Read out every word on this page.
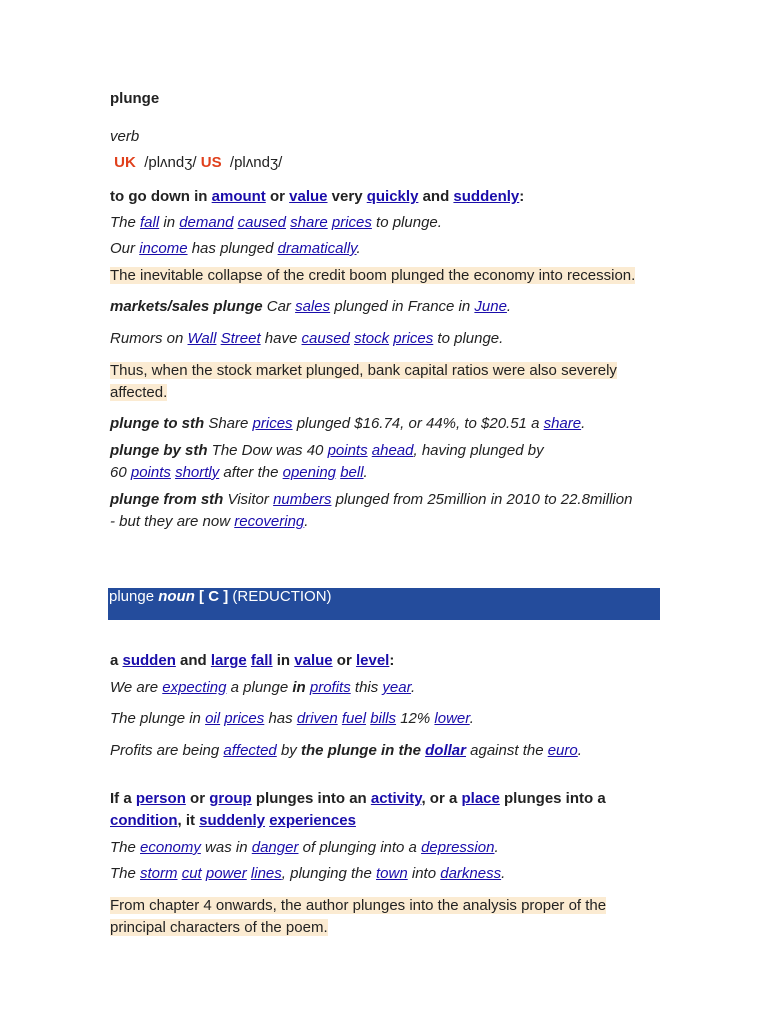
plunge

verb

UK /plʌndʒ/ US /plʌndʒ/

to go down in amount or value very quickly and suddenly:

The fall in demand caused share prices to plunge.

Our income has plunged dramatically.

The inevitable collapse of the credit boom plunged the economy into recession.

markets/sales plunge Car sales plunged in France in June.

Rumors on Wall Street have caused stock prices to plunge.

Thus, when the stock market plunged, bank capital ratios were also severely
affected.

plunge to sth Share prices plunged $16.74, or 44%, to $20.51 a share.

plunge by sth The Dow was 40 points ahead, having plunged by
60 points shortly after the opening bell.

plunge from sth Visitor numbers plunged from 25million in 2010 to 22.8million
- but they are now recovering.

plunge noun [ C ] (REDUCTION)

a sudden and large fall in value or level:

We are expecting a plunge in profits this year.

The plunge in oil prices has driven fuel bills 12% lower.

Profits are being affected by the plunge in the dollar against the euro.

If a person or group plunges into an activity, or a place plunges into a
condition, it suddenly experiences

The economy was in danger of plunging into a depression.

The storm cut power lines, plunging the town into darkness.

From chapter 4 onwards, the author plunges into the analysis proper of the
principal characters of the poem.
